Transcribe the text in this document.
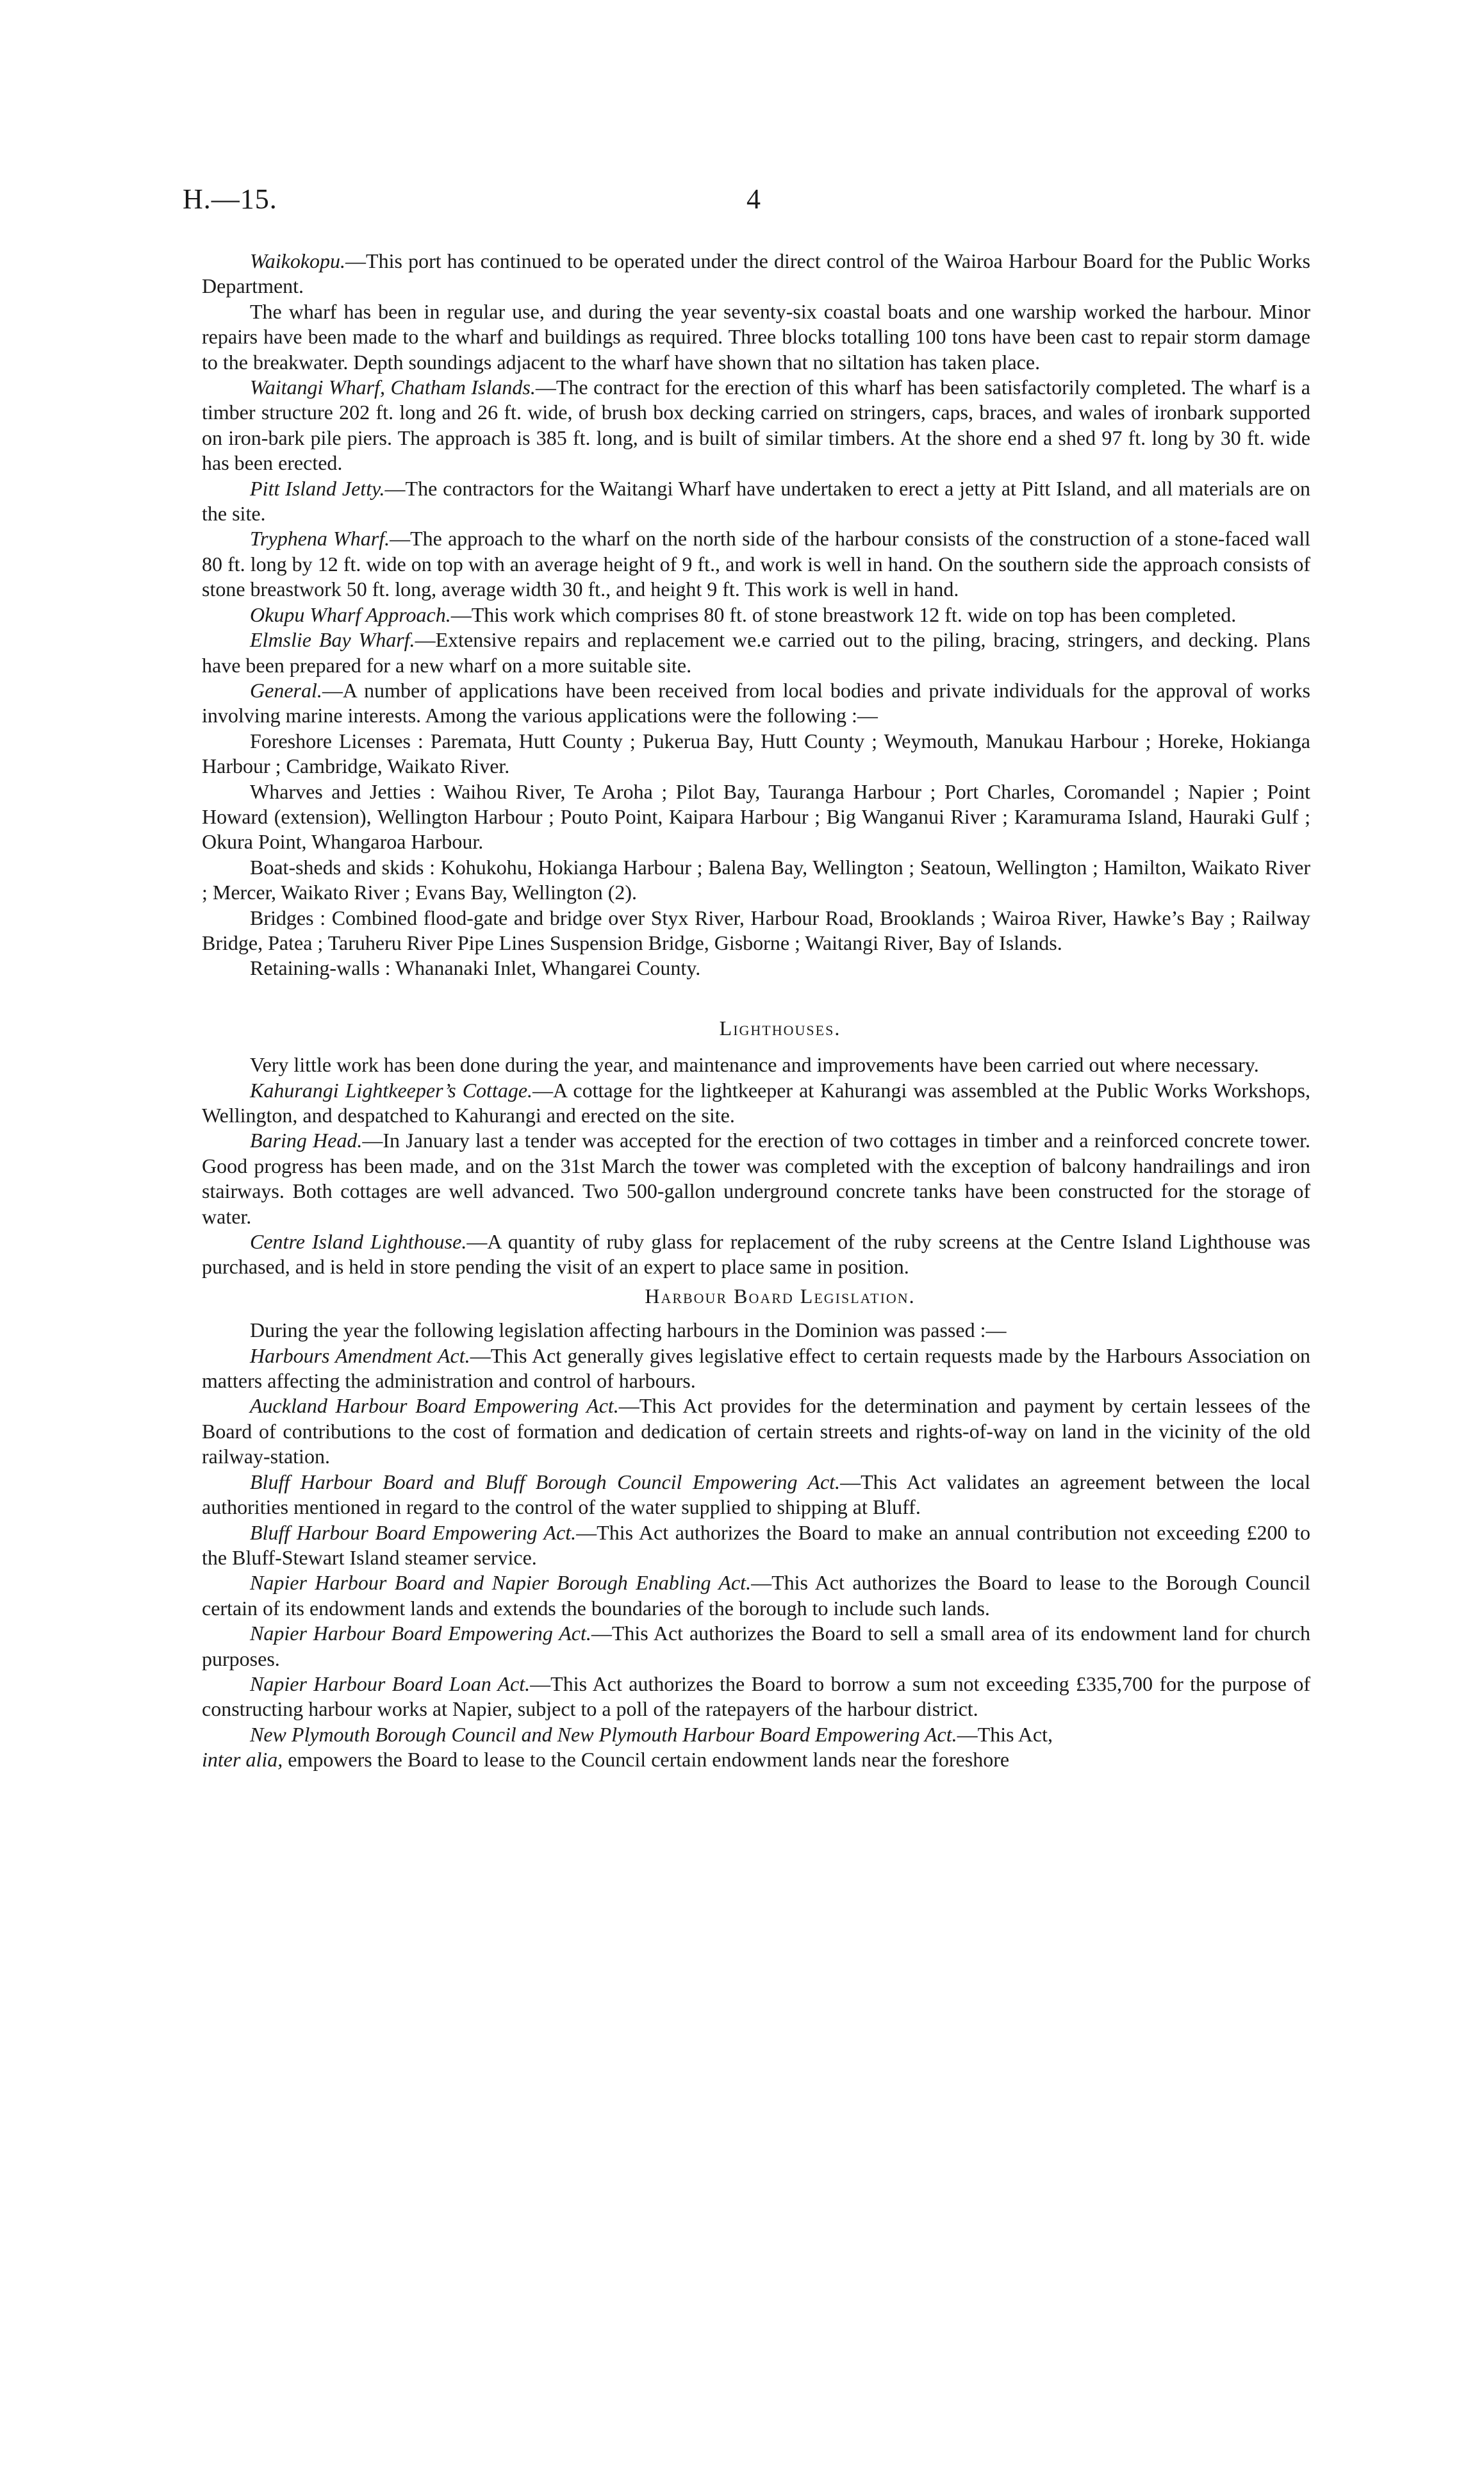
H.—15.	4

Waikokopu.—This port has continued to be operated under the direct control of the Wairoa Harbour Board for the Public Works Department.

The wharf has been in regular use, and during the year seventy-six coastal boats and one warship worked the harbour. Minor repairs have been made to the wharf and buildings as required. Three blocks totalling 100 tons have been cast to repair storm damage to the breakwater. Depth soundings adjacent to the wharf have shown that no siltation has taken place.

Waitangi Wharf, Chatham Islands.—The contract for the erection of this wharf has been satisfactorily completed. The wharf is a timber structure 202 ft. long and 26 ft. wide, of brush box decking carried on stringers, caps, braces, and wales of ironbark supported on iron-bark pile piers. The approach is 385 ft. long, and is built of similar timbers. At the shore end a shed 97 ft. long by 30 ft. wide has been erected.

Pitt Island Jetty.—The contractors for the Waitangi Wharf have undertaken to erect a jetty at Pitt Island, and all materials are on the site.

Tryphena Wharf.—The approach to the wharf on the north side of the harbour consists of the construction of a stone-faced wall 80 ft. long by 12 ft. wide on top with an average height of 9 ft., and work is well in hand. On the southern side the approach consists of stone breastwork 50 ft. long, average width 30 ft., and height 9 ft. This work is well in hand.

Okupu Wharf Approach.—This work which comprises 80 ft. of stone breastwork 12 ft. wide on top has been completed.

Elmslie Bay Wharf.—Extensive repairs and replacement we.e carried out to the piling, bracing, stringers, and decking. Plans have been prepared for a new wharf on a more suitable site.

General.—A number of applications have been received from local bodies and private individuals for the approval of works involving marine interests. Among the various applications were the following :—

Foreshore Licenses : Paremata, Hutt County ; Pukerua Bay, Hutt County ; Weymouth, Manukau Harbour ; Horeke, Hokianga Harbour ; Cambridge, Waikato River.

Wharves and Jetties : Waihou River, Te Aroha ; Pilot Bay, Tauranga Harbour ; Port Charles, Coromandel ; Napier ; Point Howard (extension), Wellington Harbour ; Pouto Point, Kaipara Harbour ; Big Wanganui River ; Karamurama Island, Hauraki Gulf ; Okura Point, Whangaroa Harbour.

Boat-sheds and skids : Kohukohu, Hokianga Harbour ; Balena Bay, Wellington ; Seatoun, Wellington ; Hamilton, Waikato River ; Mercer, Waikato River ; Evans Bay, Wellington (2).

Bridges : Combined flood-gate and bridge over Styx River, Harbour Road, Brooklands ; Wairoa River, Hawke’s Bay ; Railway Bridge, Patea ; Taruheru River Pipe Lines Suspension Bridge, Gisborne ; Waitangi River, Bay of Islands.

Retaining-walls : Whananaki Inlet, Whangarei County.

Lighthouses.

Very little work has been done during the year, and maintenance and improvements have been carried out where necessary.

Kahurangi Lightkeeper’s Cottage.—A cottage for the lightkeeper at Kahurangi was assembled at the Public Works Workshops, Wellington, and despatched to Kahurangi and erected on the site.

Baring Head.—In January last a tender was accepted for the erection of two cottages in timber and a reinforced concrete tower. Good progress has been made, and on the 31st March the tower was completed with the exception of balcony handrailings and iron stairways. Both cottages are well advanced. Two 500-gallon underground concrete tanks have been constructed for the storage of water.

Centre Island Lighthouse.—A quantity of ruby glass for replacement of the ruby screens at the Centre Island Lighthouse was purchased, and is held in store pending the visit of an expert to place same in position.

Harbour Board Legislation.

During the year the following legislation affecting harbours in the Dominion was passed :—

Harbours Amendment Act.—This Act generally gives legislative effect to certain requests made by the Harbours Association on matters affecting the administration and control of harbours.

Auckland Harbour Board Empowering Act.—This Act provides for the determination and payment by certain lessees of the Board of contributions to the cost of formation and dedication of certain streets and rights-of-way on land in the vicinity of the old railway-station.

Bluff Harbour Board and Bluff Borough Council Empowering Act.—This Act validates an agreement between the local authorities mentioned in regard to the control of the water supplied to shipping at Bluff.

Bluff Harbour Board Empowering Act.—This Act authorizes the Board to make an annual contribution not exceeding £200 to the Bluff-Stewart Island steamer service.

Napier Harbour Board and Napier Borough Enabling Act.—This Act authorizes the Board to lease to the Borough Council certain of its endowment lands and extends the boundaries of the borough to include such lands.

Napier Harbour Board Empowering Act.—This Act authorizes the Board to sell a small area of its endowment land for church purposes.

Napier Harbour Board Loan Act.—This Act authorizes the Board to borrow a sum not exceeding £335,700 for the purpose of constructing harbour works at Napier, subject to a poll of the ratepayers of the harbour district.

New Plymouth Borough Council and New Plymouth Harbour Board Empowering Act.—This Act,

inter alia, empowers the Board to lease to the Council certain endowment lands near the foreshore
